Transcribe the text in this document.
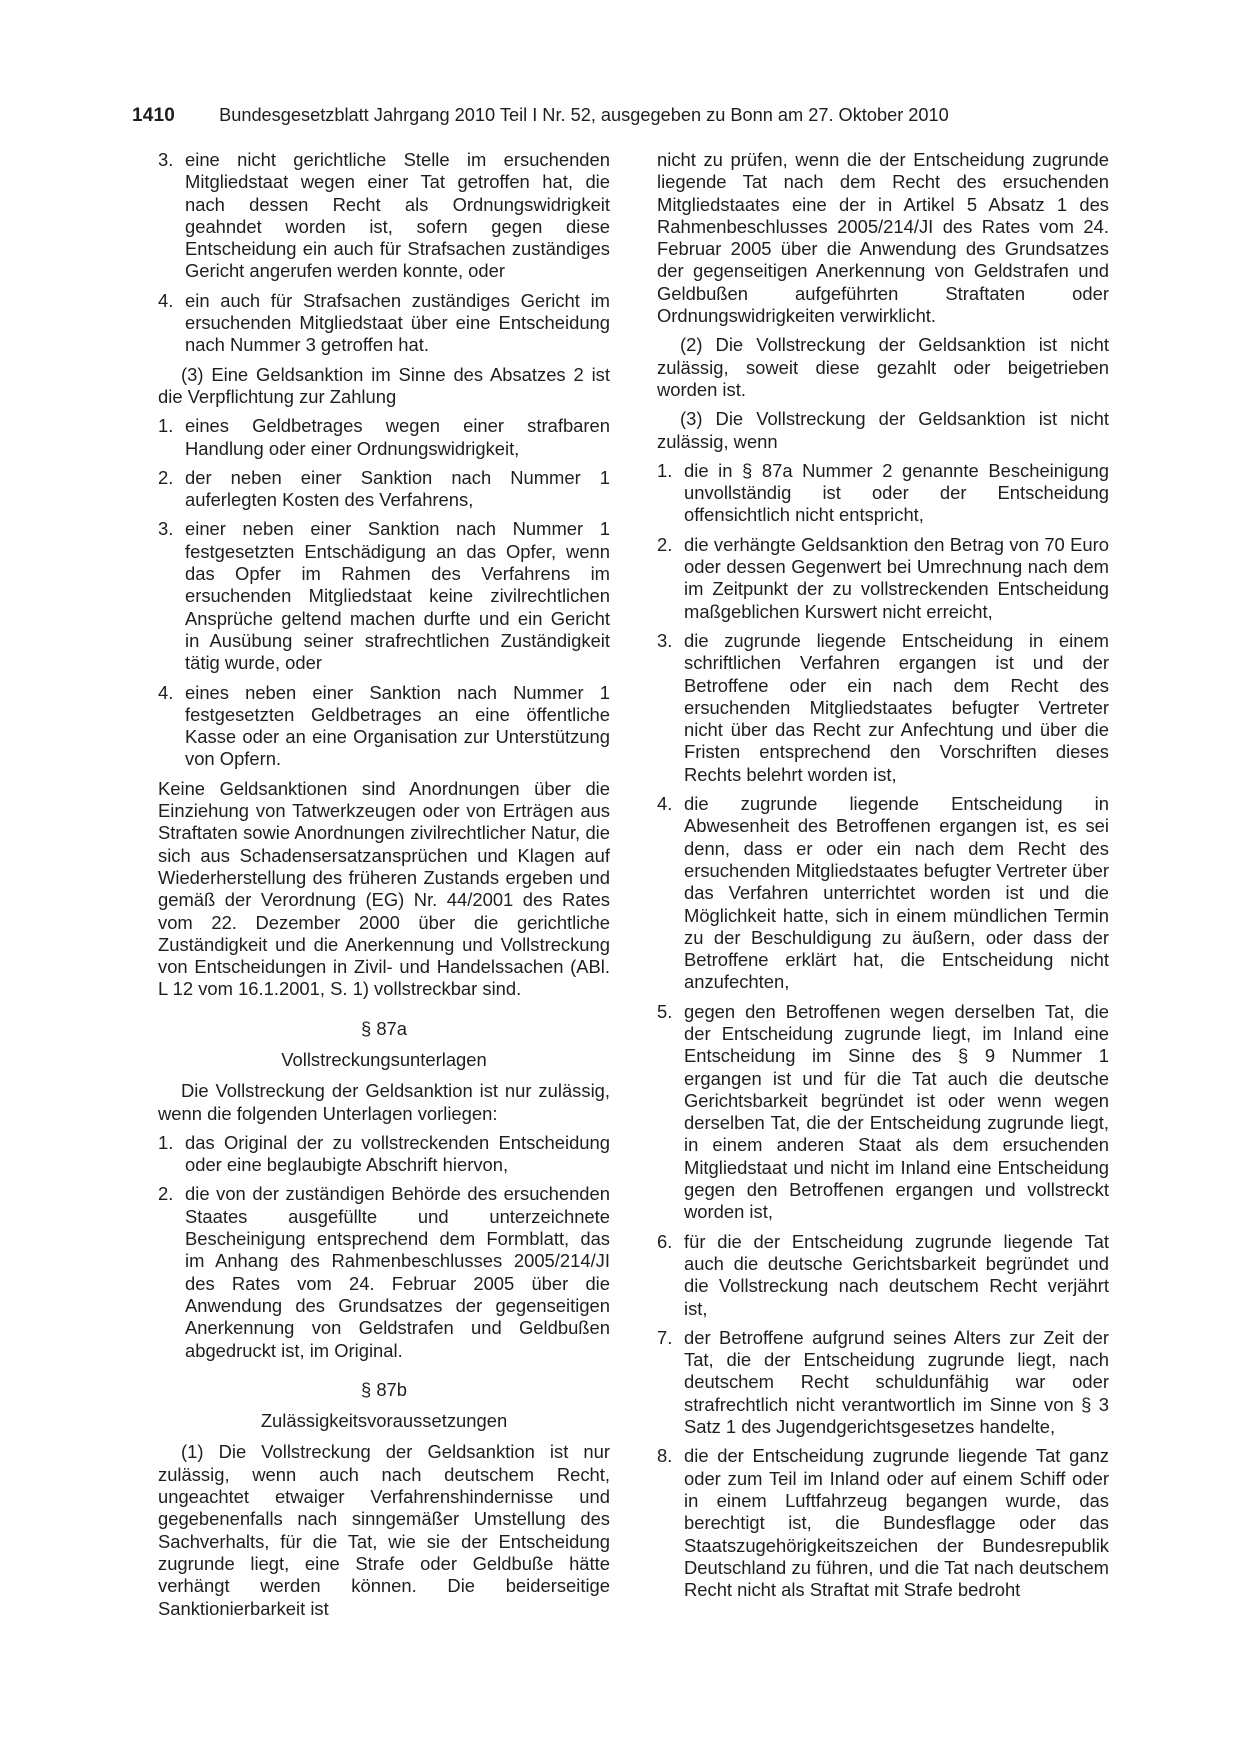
1410 Bundesgesetzblatt Jahrgang 2010 Teil I Nr. 52, ausgegeben zu Bonn am 27. Oktober 2010
3. eine nicht gerichtliche Stelle im ersuchenden Mitgliedstaat wegen einer Tat getroffen hat, die nach dessen Recht als Ordnungswidrigkeit geahndet worden ist, sofern gegen diese Entscheidung ein auch für Strafsachen zuständiges Gericht angerufen werden konnte, oder
4. ein auch für Strafsachen zuständiges Gericht im ersuchenden Mitgliedstaat über eine Entscheidung nach Nummer 3 getroffen hat.
(3) Eine Geldsanktion im Sinne des Absatzes 2 ist die Verpflichtung zur Zahlung
1. eines Geldbetrages wegen einer strafbaren Handlung oder einer Ordnungswidrigkeit,
2. der neben einer Sanktion nach Nummer 1 auferlegten Kosten des Verfahrens,
3. einer neben einer Sanktion nach Nummer 1 festgesetzten Entschädigung an das Opfer, wenn das Opfer im Rahmen des Verfahrens im ersuchenden Mitgliedstaat keine zivilrechtlichen Ansprüche geltend machen durfte und ein Gericht in Ausübung seiner strafrechtlichen Zuständigkeit tätig wurde, oder
4. eines neben einer Sanktion nach Nummer 1 festgesetzten Geldbetrages an eine öffentliche Kasse oder an eine Organisation zur Unterstützung von Opfern.
Keine Geldsanktionen sind Anordnungen über die Einziehung von Tatwerkzeugen oder von Erträgen aus Straftaten sowie Anordnungen zivilrechtlicher Natur, die sich aus Schadensersatzansprüchen und Klagen auf Wiederherstellung des früheren Zustands ergeben und gemäß der Verordnung (EG) Nr. 44/2001 des Rates vom 22. Dezember 2000 über die gerichtliche Zuständigkeit und die Anerkennung und Vollstreckung von Entscheidungen in Zivil- und Handelssachen (ABl. L 12 vom 16.1.2001, S. 1) vollstreckbar sind.
§ 87a
Vollstreckungsunterlagen
Die Vollstreckung der Geldsanktion ist nur zulässig, wenn die folgenden Unterlagen vorliegen:
1. das Original der zu vollstreckenden Entscheidung oder eine beglaubigte Abschrift hiervon,
2. die von der zuständigen Behörde des ersuchenden Staates ausgefüllte und unterzeichnete Bescheinigung entsprechend dem Formblatt, das im Anhang des Rahmenbeschlusses 2005/214/JI des Rates vom 24. Februar 2005 über die Anwendung des Grundsatzes der gegenseitigen Anerkennung von Geldstrafen und Geldbußen abgedruckt ist, im Original.
§ 87b
Zulässigkeitsvoraussetzungen
(1) Die Vollstreckung der Geldsanktion ist nur zulässig, wenn auch nach deutschem Recht, ungeachtet etwaiger Verfahrenshindernisse und gegebenenfalls nach sinngemäßer Umstellung des Sachverhalts, für die Tat, wie sie der Entscheidung zugrunde liegt, eine Strafe oder Geldbuße hätte verhängt werden können. Die beiderseitige Sanktionierbarkeit ist
nicht zu prüfen, wenn die der Entscheidung zugrunde liegende Tat nach dem Recht des ersuchenden Mitgliedstaates eine der in Artikel 5 Absatz 1 des Rahmenbeschlusses 2005/214/JI des Rates vom 24. Februar 2005 über die Anwendung des Grundsatzes der gegenseitigen Anerkennung von Geldstrafen und Geldbußen aufgeführten Straftaten oder Ordnungswidrigkeiten verwirklicht.
(2) Die Vollstreckung der Geldsanktion ist nicht zulässig, soweit diese gezahlt oder beigetrieben worden ist.
(3) Die Vollstreckung der Geldsanktion ist nicht zulässig, wenn
1. die in § 87a Nummer 2 genannte Bescheinigung unvollständig ist oder der Entscheidung offensichtlich nicht entspricht,
2. die verhängte Geldsanktion den Betrag von 70 Euro oder dessen Gegenwert bei Umrechnung nach dem im Zeitpunkt der zu vollstreckenden Entscheidung maßgeblichen Kurswert nicht erreicht,
3. die zugrunde liegende Entscheidung in einem schriftlichen Verfahren ergangen ist und der Betroffene oder ein nach dem Recht des ersuchenden Mitgliedstaates befugter Vertreter nicht über das Recht zur Anfechtung und über die Fristen entsprechend den Vorschriften dieses Rechts belehrt worden ist,
4. die zugrunde liegende Entscheidung in Abwesenheit des Betroffenen ergangen ist, es sei denn, dass er oder ein nach dem Recht des ersuchenden Mitgliedstaates befugter Vertreter über das Verfahren unterrichtet worden ist und die Möglichkeit hatte, sich in einem mündlichen Termin zu der Beschuldigung zu äußern, oder dass der Betroffene erklärt hat, die Entscheidung nicht anzufechten,
5. gegen den Betroffenen wegen derselben Tat, die der Entscheidung zugrunde liegt, im Inland eine Entscheidung im Sinne des § 9 Nummer 1 ergangen ist und für die Tat auch die deutsche Gerichtsbarkeit begründet ist oder wenn wegen derselben Tat, die der Entscheidung zugrunde liegt, in einem anderen Staat als dem ersuchenden Mitgliedstaat und nicht im Inland eine Entscheidung gegen den Betroffenen ergangen und vollstreckt worden ist,
6. für die der Entscheidung zugrunde liegende Tat auch die deutsche Gerichtsbarkeit begründet und die Vollstreckung nach deutschem Recht verjährt ist,
7. der Betroffene aufgrund seines Alters zur Zeit der Tat, die der Entscheidung zugrunde liegt, nach deutschem Recht schuldunfähig war oder strafrechtlich nicht verantwortlich im Sinne von § 3 Satz 1 des Jugendgerichtsgesetzes handelte,
8. die der Entscheidung zugrunde liegende Tat ganz oder zum Teil im Inland oder auf einem Schiff oder in einem Luftfahrzeug begangen wurde, das berechtigt ist, die Bundesflagge oder das Staatszugehörigkeitszeichen der Bundesrepublik Deutschland zu führen, und die Tat nach deutschem Recht nicht als Straftat mit Strafe bedroht
